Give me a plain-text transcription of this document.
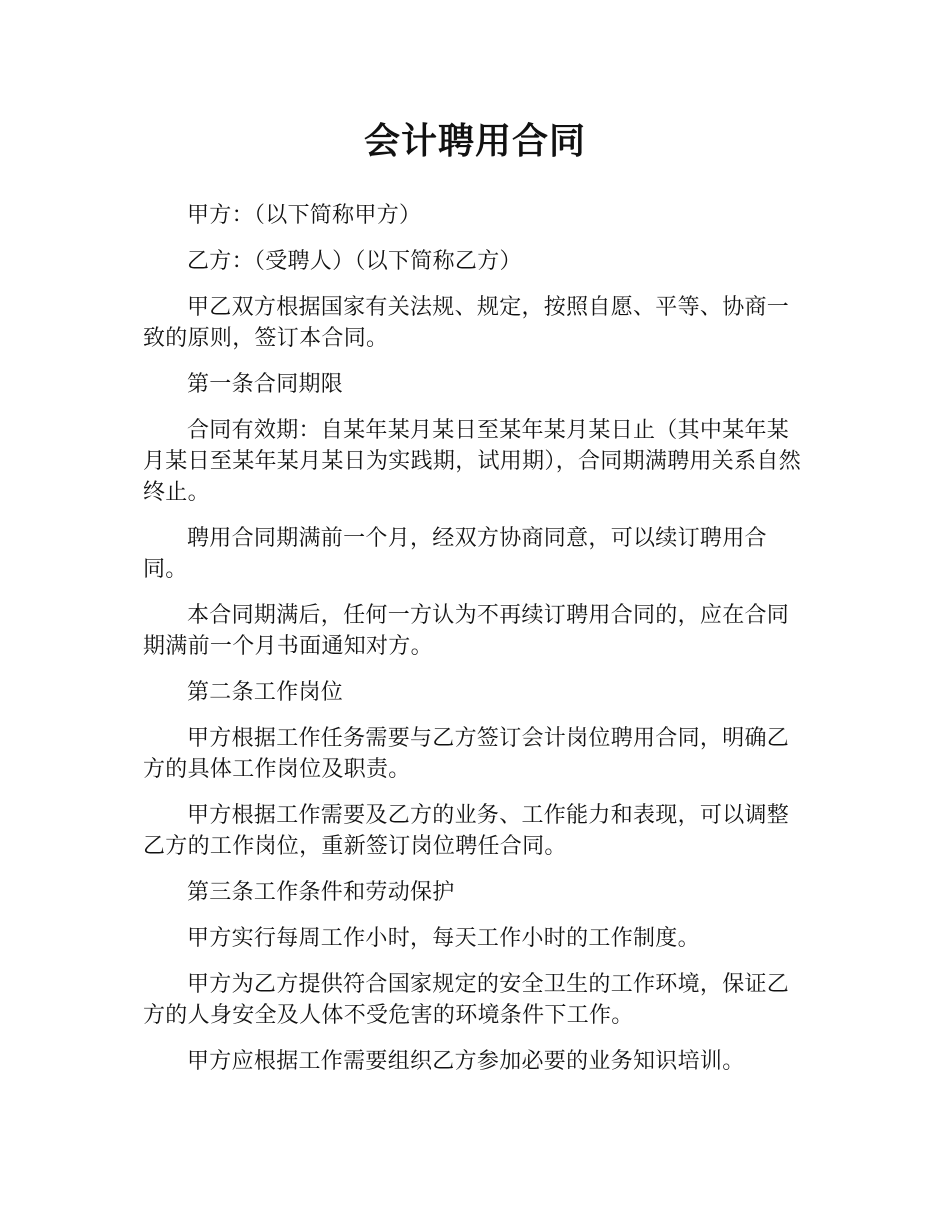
会计聘用合同

甲方：（以下简称甲方）

乙方：（受聘人）（以下简称乙方）

甲乙双方根据国家有关法规、规定，按照自愿、平等、协商一致的原则，签订本合同。

第一条合同期限

合同有效期：自某年某月某日至某年某月某日止（其中某年某月某日至某年某月某日为实践期，试用期），合同期满聘用关系自然终止。

聘用合同期满前一个月，经双方协商同意，可以续订聘用合同。

本合同期满后，任何一方认为不再续订聘用合同的，应在合同期满前一个月书面通知对方。

第二条工作岗位

甲方根据工作任务需要与乙方签订会计岗位聘用合同，明确乙方的具体工作岗位及职责。

甲方根据工作需要及乙方的业务、工作能力和表现，可以调整乙方的工作岗位，重新签订岗位聘任合同。

第三条工作条件和劳动保护

甲方实行每周工作小时，每天工作小时的工作制度。

甲方为乙方提供符合国家规定的安全卫生的工作环境，保证乙方的人身安全及人体不受危害的环境条件下工作。

甲方应根据工作需要组织乙方参加必要的业务知识培训。
